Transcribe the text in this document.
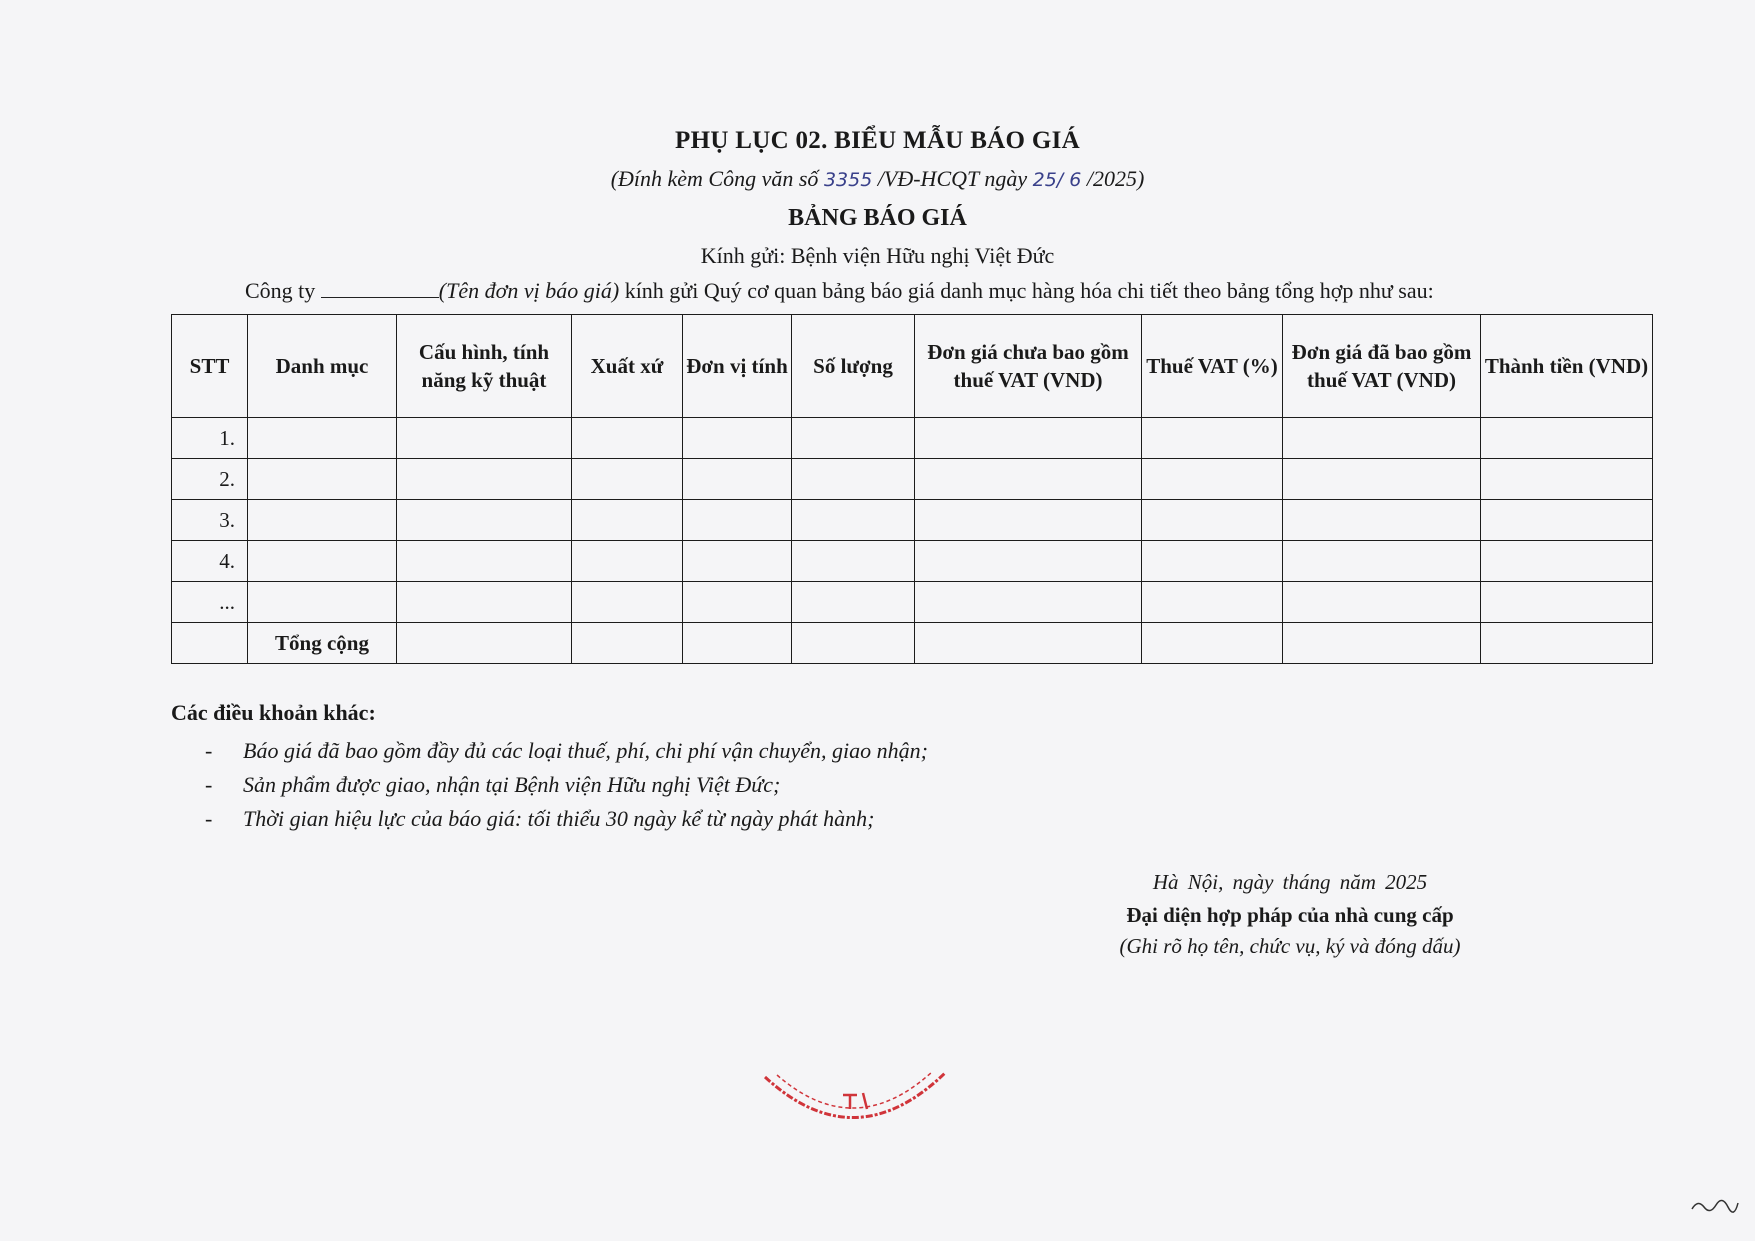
PHỤ LỤC 02. BIỂU MẪU BÁO GIÁ
(Đính kèm Công văn số 3355 /VĐ-HCQT ngày 25/ 6 /2025)
BẢNG BÁO GIÁ
Kính gửi: Bệnh viện Hữu nghị Việt Đức
Công ty	(Tên đơn vị báo giá) kính gửi Quý cơ quan bảng báo giá danh mục hàng hóa chi tiết theo bảng tổng hợp như sau:
STT	Danh mục	Cấu hình, tính năng kỹ thuật	Xuất xứ	Đơn vị tính	Số lượng	Đơn giá chưa bao gồm thuế VAT (VND)	Thuế VAT (%)	Đơn giá đã bao gồm thuế VAT (VND)	Thành tiền (VND)
1.									
2.									
3.									
4.									
...									
	Tổng cộng								
Các điều khoản khác:
- Báo giá đã bao gồm đầy đủ các loại thuế, phí, chi phí vận chuyển, giao nhận;
- Sản phẩm được giao, nhận tại Bệnh viện Hữu nghị Việt Đức;
- Thời gian hiệu lực của báo giá: tối thiểu 30 ngày kể từ ngày phát hành;
Hà Nội, ngày tháng năm 2025
Đại diện hợp pháp của nhà cung cấp
(Ghi rõ họ tên, chức vụ, ký và đóng dấu)
